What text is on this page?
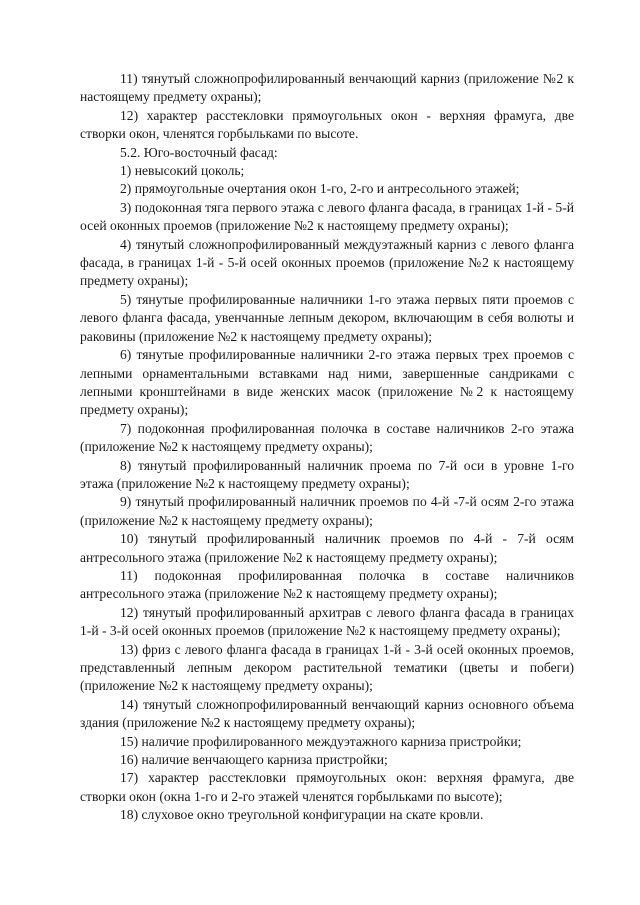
11) тянутый сложнопрофилированный венчающий карниз (приложение №2 к настоящему предмету охраны);

12) характер расстекловки прямоугольных окон - верхняя фрамуга, две створки окон, членятся горбыльками по высоте.

5.2. Юго-восточный фасад:

1) невысокий цоколь;

2) прямоугольные очертания окон 1-го, 2-го и антресольного этажей;

3) подоконная тяга первого этажа с левого фланга фасада, в границах 1-й - 5-й осей оконных проемов (приложение №2 к настоящему предмету охраны);

4) тянутый сложнопрофилированный междуэтажный карниз с левого фланга фасада, в границах 1-й - 5-й осей оконных проемов (приложение №2 к настоящему предмету охраны);

5) тянутые профилированные наличники 1-го этажа первых пяти проемов с левого фланга фасада, увенчанные лепным декором, включающим в себя волюты и раковины (приложение №2 к настоящему предмету охраны);

6) тянутые профилированные наличники 2-го этажа первых трех проемов с лепными орнаментальными вставками над ними, завершенные сандриками с лепными кронштейнами в виде женских масок (приложение №2 к настоящему предмету охраны);

7) подоконная профилированная полочка в составе наличников 2-го этажа (приложение №2 к настоящему предмету охраны);

8) тянутый профилированный наличник проема по 7-й оси в уровне 1-го этажа (приложение №2 к настоящему предмету охраны);

9) тянутый профилированный наличник проемов по 4-й -7-й осям 2-го этажа (приложение №2 к настоящему предмету охраны);

10) тянутый профилированный наличник проемов по 4-й - 7-й осям антресольного этажа (приложение №2 к настоящему предмету охраны);

11) подоконная профилированная полочка в составе наличников антресольного этажа (приложение №2 к настоящему предмету охраны);

12) тянутый профилированный архитрав с левого фланга фасада в границах 1-й - 3-й осей оконных проемов (приложение №2 к настоящему предмету охраны);

13) фриз с левого фланга фасада в границах 1-й - 3-й осей оконных проемов, представленный лепным декором растительной тематики (цветы и побеги) (приложение №2 к настоящему предмету охраны);

14) тянутый сложнопрофилированный венчающий карниз основного объема здания (приложение №2 к настоящему предмету охраны);

15) наличие профилированного междуэтажного карниза пристройки;

16) наличие венчающего карниза пристройки;

17) характер расстекловки прямоугольных окон: верхняя фрамуга, две створки окон (окна 1-го и 2-го этажей членятся горбыльками по высоте);

18) слуховое окно треугольной конфигурации на скате кровли.
